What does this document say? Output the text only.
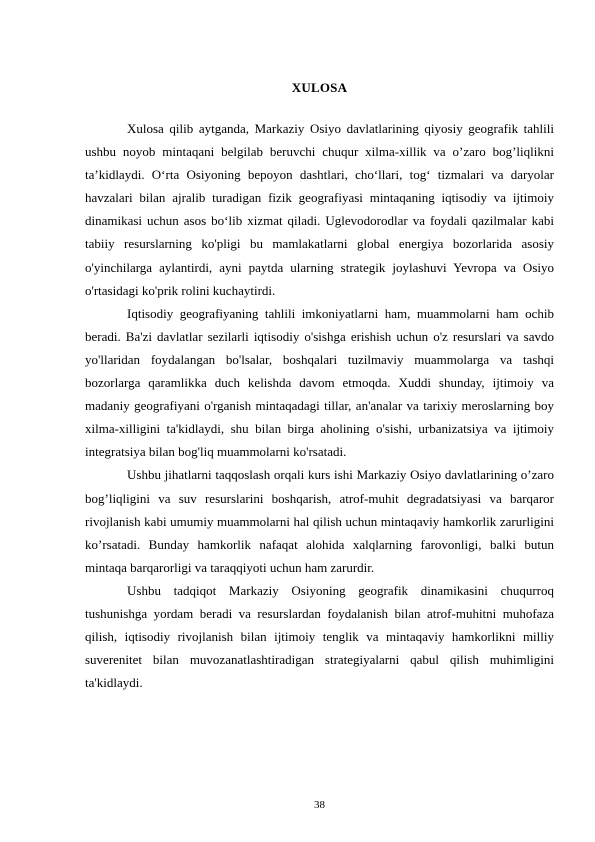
XULOSA

Xulosa qilib aytganda, Markaziy Osiyo davlatlarining qiyosiy geografik tahlili ushbu noyob mintaqani belgilab beruvchi chuqur xilma-xillik va o’zaro bog’liqlikni ta’kidlaydi. O‘rta Osiyoning bepoyon dashtlari, cho‘llari, tog‘ tizmalari va daryolar havzalari bilan ajralib turadigan fizik geografiyasi mintaqaning iqtisodiy va ijtimoiy dinamikasi uchun asos bo‘lib xizmat qiladi. Uglevodorodlar va foydali qazilmalar kabi tabiiy resurslarning ko'pligi bu mamlakatlarni global energiya bozorlarida asosiy o'yinchilarga aylantirdi, ayni paytda ularning strategik joylashuvi Yevropa va Osiyo o'rtasidagi ko'prik rolini kuchaytirdi.

Iqtisodiy geografiyaning tahlili imkoniyatlarni ham, muammolarni ham ochib beradi. Ba'zi davlatlar sezilarli iqtisodiy o'sishga erishish uchun o'z resurslari va savdo yo'llaridan foydalangan bo'lsalar, boshqalari tuzilmaviy muammolarga va tashqi bozorlarga qaramlikka duch kelishda davom etmoqda. Xuddi shunday, ijtimoiy va madaniy geografiyani o'rganish mintaqadagi tillar, an'analar va tarixiy meroslarning boy xilma-xilligini ta'kidlaydi, shu bilan birga aholining o'sishi, urbanizatsiya va ijtimoiy integratsiya bilan bog'liq muammolarni ko'rsatadi.

Ushbu jihatlarni taqqoslash orqali kurs ishi Markaziy Osiyo davlatlarining o’zaro bog’liqligini va suv resurslarini boshqarish, atrof-muhit degradatsiyasi va barqaror rivojlanish kabi umumiy muammolarni hal qilish uchun mintaqaviy hamkorlik zarurligini ko’rsatadi. Bunday hamkorlik nafaqat alohida xalqlarning farovonligi, balki butun mintaqa barqarorligi va taraqqiyoti uchun ham zarurdir.

Ushbu tadqiqot Markaziy Osiyoning geografik dinamikasini chuqurroq tushunishga yordam beradi va resurslardan foydalanish bilan atrof-muhitni muhofaza qilish, iqtisodiy rivojlanish bilan ijtimoiy tenglik va mintaqaviy hamkorlikni milliy suverenitet bilan muvozanatlashtiradigan strategiyalarni qabul qilish muhimligini ta'kidlaydi.

38
